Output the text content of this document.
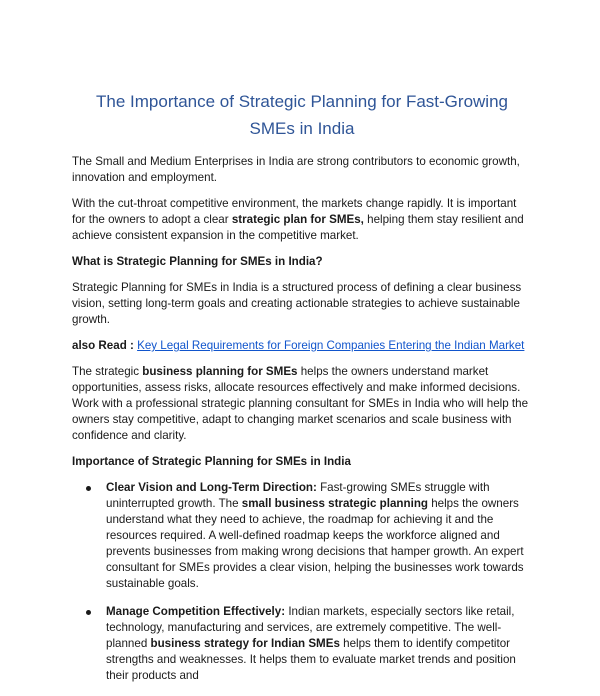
The Importance of Strategic Planning for Fast-Growing SMEs in India

The Small and Medium Enterprises in India are strong contributors to economic growth, innovation and employment.

With the cut-throat competitive environment, the markets change rapidly. It is important for the owners to adopt a clear strategic plan for SMEs, helping them stay resilient and achieve consistent expansion in the competitive market.

What is Strategic Planning for SMEs in India?

Strategic Planning for SMEs in India is a structured process of defining a clear business vision, setting long-term goals and creating actionable strategies to achieve sustainable growth.

also Read : Key Legal Requirements for Foreign Companies Entering the Indian Market

The strategic business planning for SMEs helps the owners understand market opportunities, assess risks, allocate resources effectively and make informed decisions. Work with a professional strategic planning consultant for SMEs in India who will help the owners stay competitive, adapt to changing market scenarios and scale business with confidence and clarity.

Importance of Strategic Planning for SMEs in India

Clear Vision and Long-Term Direction: Fast-growing SMEs struggle with uninterrupted growth. The small business strategic planning helps the owners understand what they need to achieve, the roadmap for achieving it and the resources required. A well-defined roadmap keeps the workforce aligned and prevents businesses from making wrong decisions that hamper growth. An expert consultant for SMEs provides a clear vision, helping the businesses work towards sustainable goals.
Manage Competition Effectively: Indian markets, especially sectors like retail, technology, manufacturing and services, are extremely competitive. The well-planned business strategy for Indian SMEs helps them to identify competitor strengths and weaknesses. It helps them to evaluate market trends and position their products and
